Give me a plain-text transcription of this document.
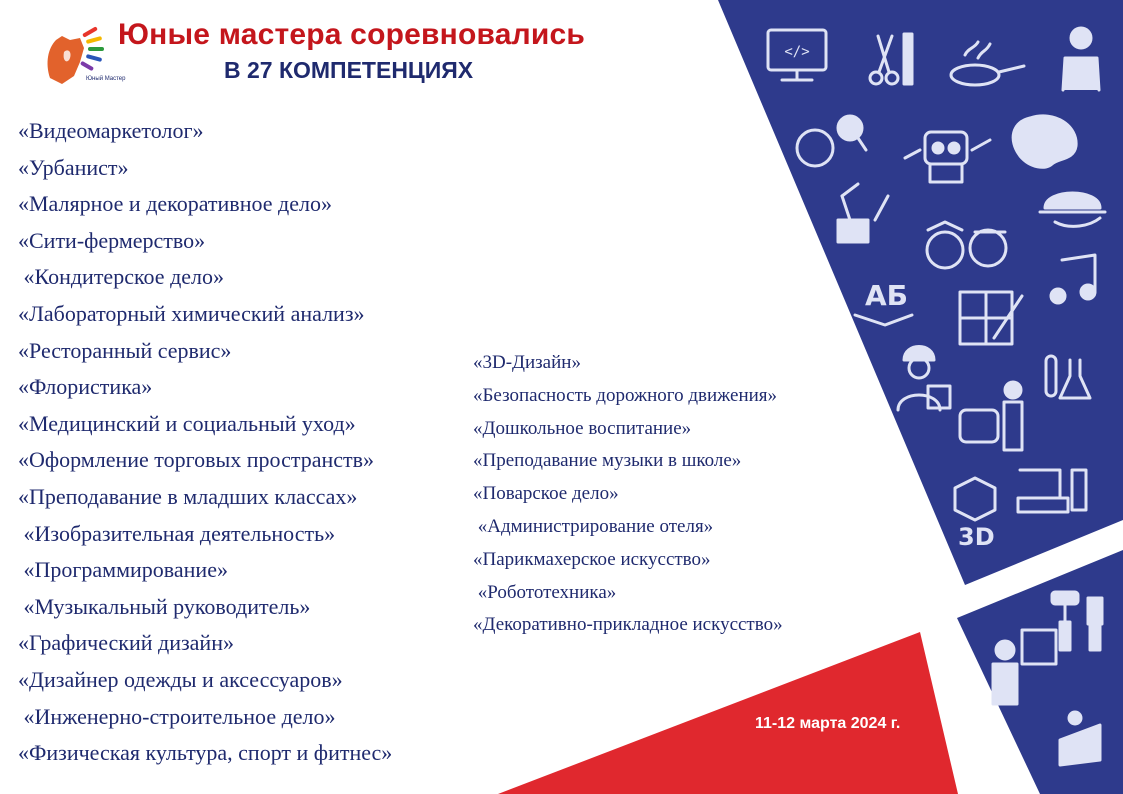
Юный Мастер
Юные мастера соревновались
В 27 КОМПЕТЕНЦИЯХ
«Видеомаркетолог»
«Урбанист»
«Малярное и декоративное дело»
«Сити-фермерство»
«Кондитерское дело»
«Лабораторный химический анализ»
«Ресторанный сервис»
«Флористика»
«Медицинский и социальный уход»
«Оформление торговых пространств»
«Преподавание в младших классах»
«Изобразительная деятельность»
«Программирование»
«Музыкальный руководитель»
«Графический дизайн»
«Дизайнер одежды и аксессуаров»
«Инженерно-строительное дело»
«Физическая культура, спорт и фитнес»
«3D-Дизайн»
«Безопасность дорожного движения»
«Дошкольное воспитание»
«Преподавание музыки в школе»
«Поварское дело»
«Администрирование отеля»
«Парикмахерское искусство»
«Робототехника»
«Декоративно-прикладное искусство»
</>
АБ
3D
11-12 марта 2024 г.
